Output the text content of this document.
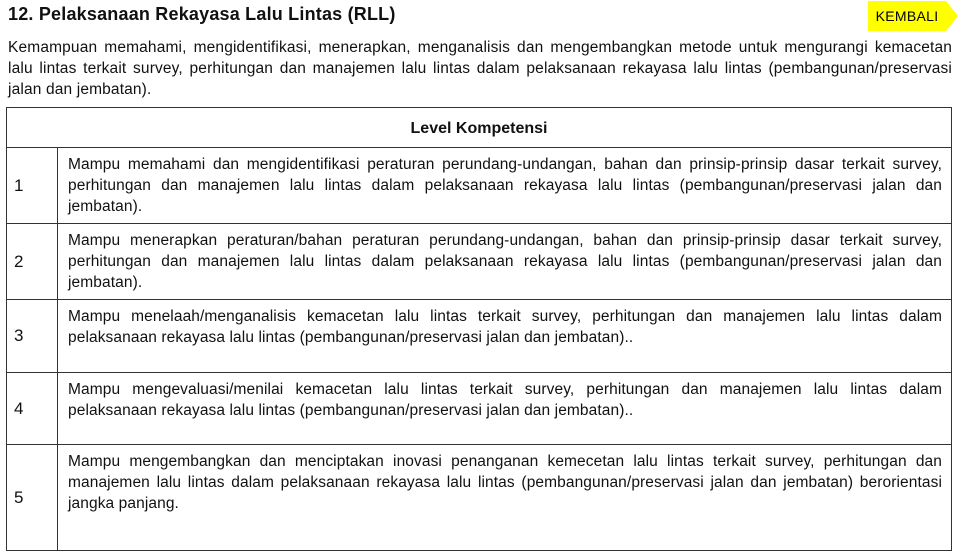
12. Pelaksanaan Rekayasa Lalu Lintas (RLL)	KEMBALI
Kemampuan memahami, mengidentifikasi, menerapkan, menganalisis dan mengembangkan metode untuk mengurangi kemacetan lalu lintas terkait survey, perhitungan dan manajemen lalu lintas dalam pelaksanaan rekayasa lalu lintas (pembangunan/preservasi jalan dan jembatan).
Level Kompetensi	
1	Mampu memahami dan mengidentifikasi peraturan perundang-undangan, bahan dan prinsip-prinsip dasar terkait survey, perhitungan dan manajemen lalu lintas dalam pelaksanaan rekayasa lalu lintas (pembangunan/preservasi jalan dan jembatan).
2	Mampu menerapkan peraturan/bahan peraturan perundang-undangan, bahan dan prinsip-prinsip dasar terkait survey, perhitungan dan manajemen lalu lintas dalam pelaksanaan rekayasa lalu lintas (pembangunan/preservasi jalan dan jembatan).
3	Mampu menelaah/menganalisis kemacetan lalu lintas terkait survey, perhitungan dan manajemen lalu lintas dalam pelaksanaan rekayasa lalu lintas (pembangunan/preservasi jalan dan jembatan)..
4	Mampu mengevaluasi/menilai kemacetan lalu lintas terkait survey, perhitungan dan manajemen lalu lintas dalam pelaksanaan rekayasa lalu lintas (pembangunan/preservasi jalan dan jembatan)..
5	Mampu mengembangkan dan menciptakan inovasi penanganan kemecetan lalu lintas terkait survey, perhitungan dan manajemen lalu lintas dalam pelaksanaan rekayasa lalu lintas (pembangunan/preservasi jalan dan jembatan) berorientasi jangka panjang.
